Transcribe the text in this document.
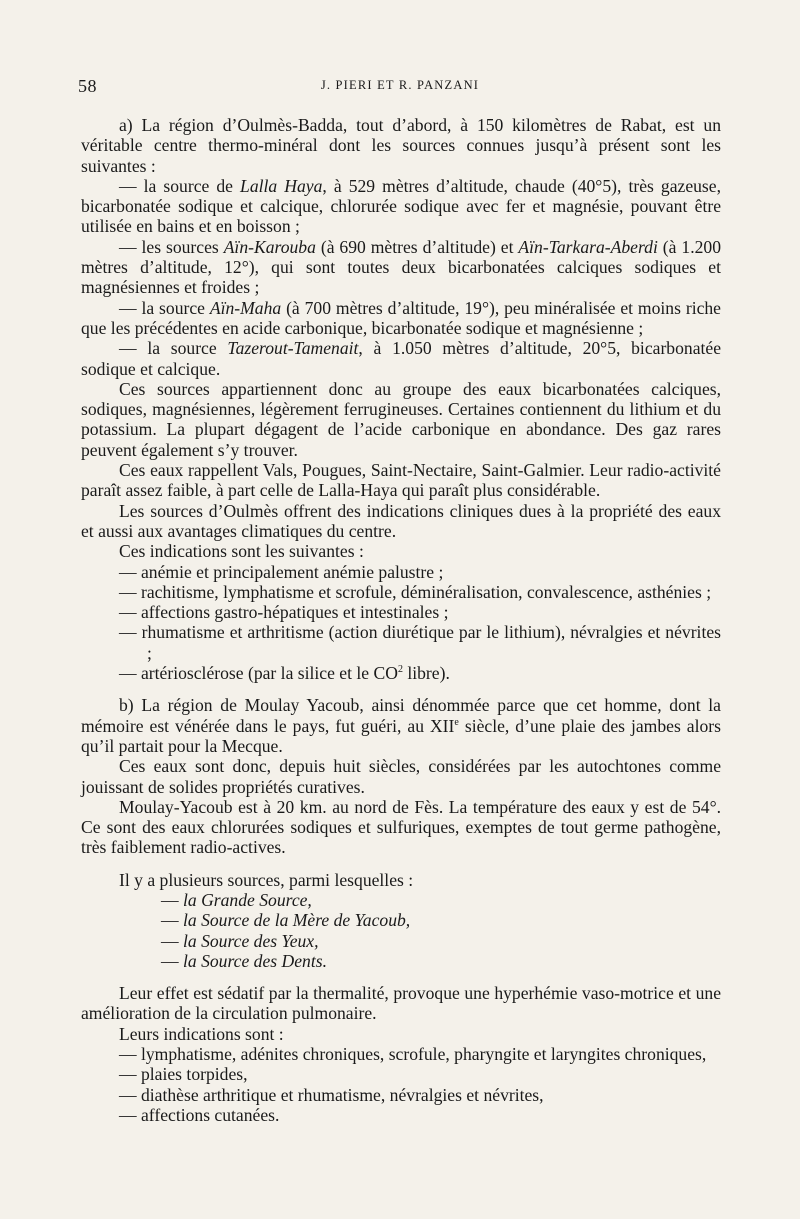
58	J. PIERI ET R. PANZANI

a) La région d’Oulmès-Badda, tout d’abord, à 150 kilomètres de Rabat, est un véritable centre thermo-minéral dont les sources connues jusqu’à présent sont les suivantes :

— la source de Lalla Haya, à 529 mètres d’altitude, chaude (40°5), très gazeuse, bicarbonatée sodique et calcique, chlorurée sodique avec fer et magnésie, pouvant être utilisée en bains et en boisson ;

— les sources Aïn-Karouba (à 690 mètres d’altitude) et Aïn-Tarkara-Aberdi (à 1.200 mètres d’altitude, 12°), qui sont toutes deux bicarbonatées calciques sodiques et magnésiennes et froides ;

— la source Aïn-Maha (à 700 mètres d’altitude, 19°), peu minéralisée et moins riche que les précédentes en acide carbonique, bicarbonatée sodique et magnésienne ;

— la source Tazerout-Tamenait, à 1.050 mètres d’altitude, 20°5, bicarbonatée sodique et calcique.

Ces sources appartiennent donc au groupe des eaux bicarbonatées calciques, sodiques, magnésiennes, légèrement ferrugineuses. Certaines contiennent du lithium et du potassium. La plupart dégagent de l’acide carbonique en abondance. Des gaz rares peuvent également s’y trouver.

Ces eaux rappellent Vals, Pougues, Saint-Nectaire, Saint-Galmier. Leur radio-activité paraît assez faible, à part celle de Lalla-Haya qui paraît plus considérable.

Les sources d’Oulmès offrent des indications cliniques dues à la propriété des eaux et aussi aux avantages climatiques du centre.

Ces indications sont les suivantes :

— anémie et principalement anémie palustre ;

— rachitisme, lymphatisme et scrofule, déminéralisation, convalescence, asthénies ;

— affections gastro-hépatiques et intestinales ;

— rhumatisme et arthritisme (action diurétique par le lithium), névralgies et névrites ;

— artériosclérose (par la silice et le $CO^2$ libre).

b) La région de Moulay Yacoub, ainsi dénommée parce que cet homme, dont la mémoire est vénérée dans le pays, fut guéri, au XIIe siècle, d’une plaie des jambes alors qu’il partait pour la Mecque.

Ces eaux sont donc, depuis huit siècles, considérées par les autochtones comme jouissant de solides propriétés curatives.

Moulay-Yacoub est à 20 km. au nord de Fès. La température des eaux y est de 54°. Ce sont des eaux chlorurées sodiques et sulfuriques, exemptes de tout germe pathogène, très faiblement radio-actives.

Il y a plusieurs sources, parmi lesquelles :

— la Grande Source,

— la Source de la Mère de Yacoub,

— la Source des Yeux,

— la Source des Dents.

Leur effet est sédatif par la thermalité, provoque une hyperhémie vaso-motrice et une amélioration de la circulation pulmonaire.

Leurs indications sont :

— lymphatisme, adénites chroniques, scrofule, pharyngite et laryngites chroniques,

— plaies torpides,

— diathèse arthritique et rhumatisme, névralgies et névrites,

— affections cutanées.
